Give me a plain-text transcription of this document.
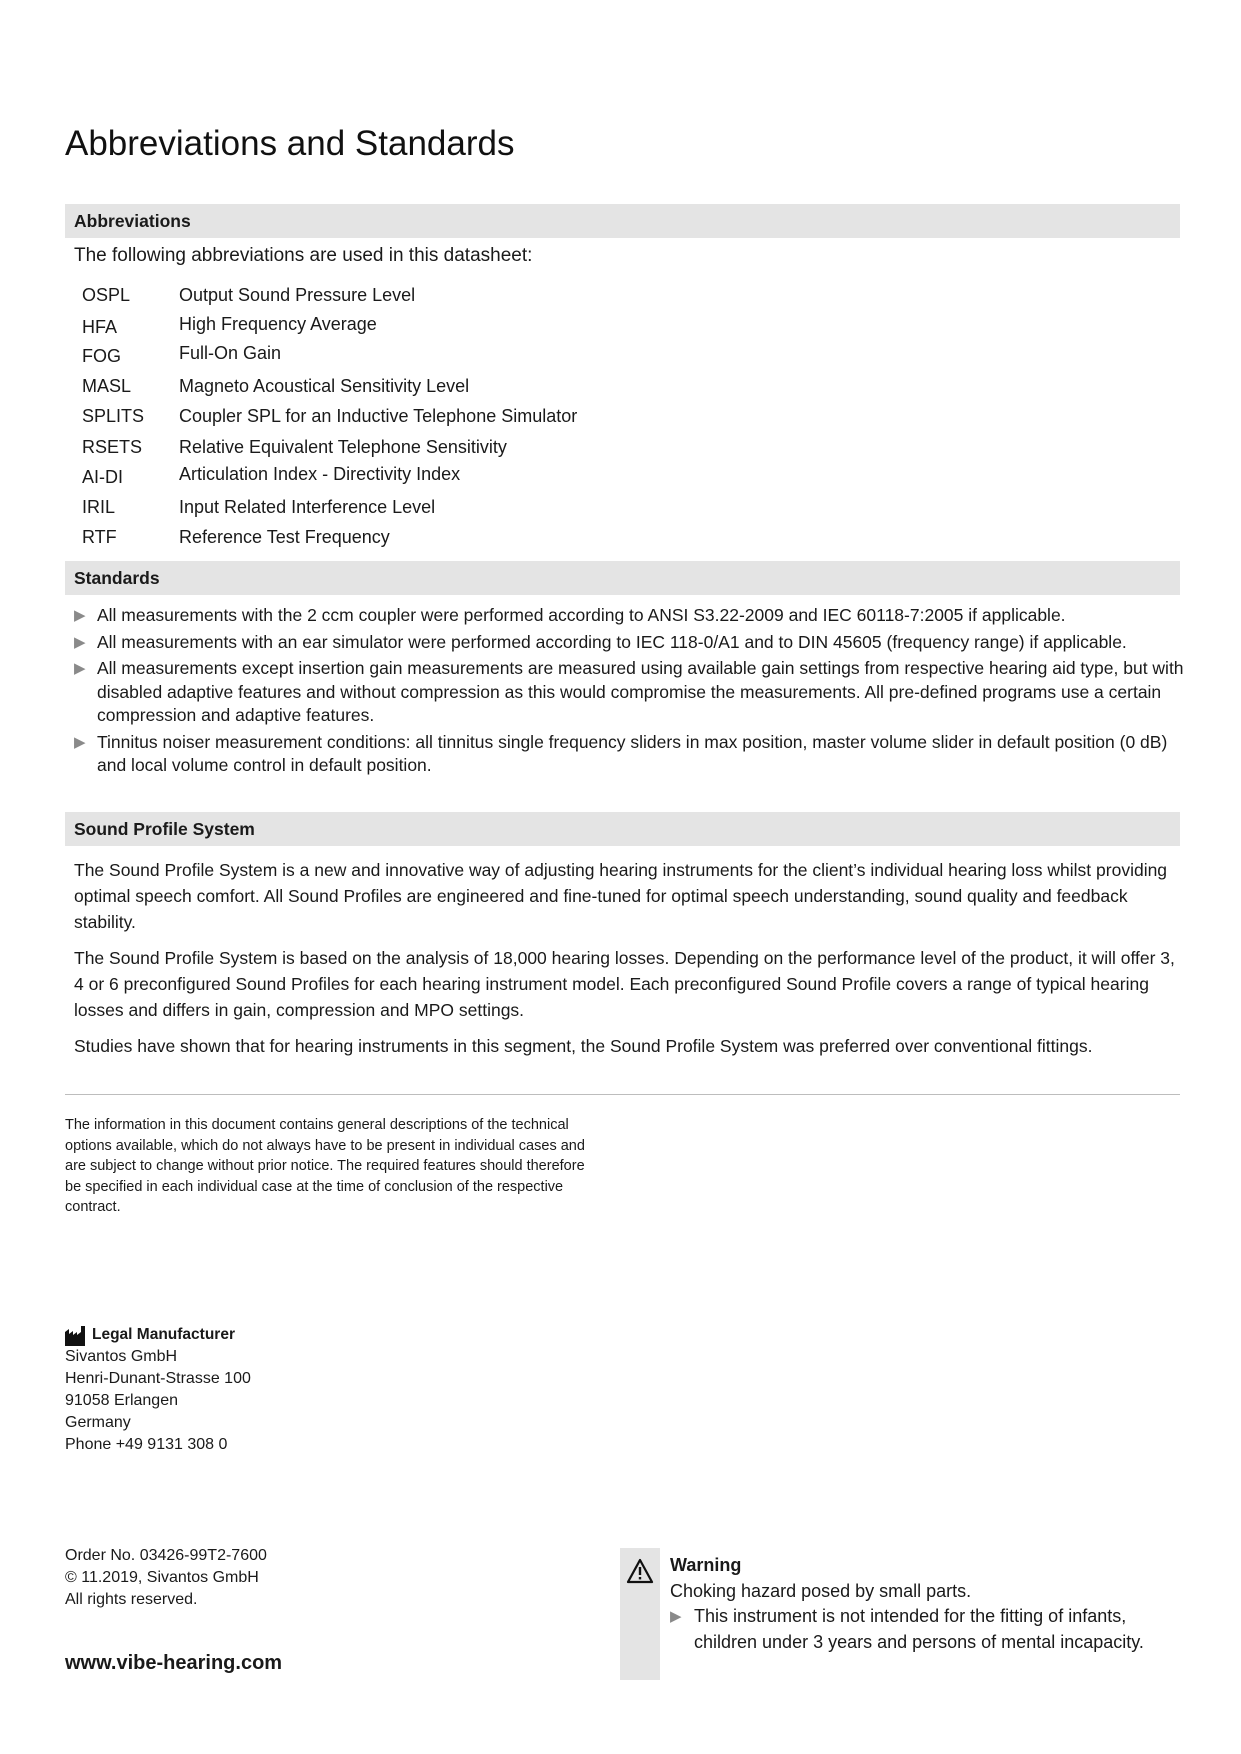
Abbreviations and Standards
Abbreviations
The following abbreviations are used in this datasheet:
OSPL	Output Sound Pressure Level
HFA	High Frequency Average
FOG	Full-On Gain
MASL	Magneto Acoustical Sensitivity Level
SPLITS Coupler SPL for an Inductive Telephone Simulator
RSETS Relative Equivalent Telephone Sensitivity
AI-DI	Articulation Index - Directivity Index
IRIL	Input Related Interference Level
RTF	Reference Test Frequency
Standards
▶ All measurements with the 2 ccm coupler were performed according to ANSI S3.22-2009 and IEC 60118-7:2005 if applicable.
▶ All measurements with an ear simulator were performed according to IEC 118-0/A1 and to DIN 45605 (frequency range) if applicable.
▶ All measurements except insertion gain measurements are measured using available gain settings from respective hearing aid type, but with disabled adaptive features and without compression as this would compromise the measurements. All pre-defined programs use a certain compression and adaptive features.
▶ Tinnitus noiser measurement conditions: all tinnitus single frequency sliders in max position, master volume slider in default position (0 dB) and local volume control in default position.
Sound Profile System

The Sound Profile System is a new and innovative way of adjusting hearing instruments for the client’s individual hearing loss whilst providing optimal speech comfort. All Sound Profiles are engineered and fine-tuned for optimal speech understanding, sound quality and feedback stability.

The Sound Profile System is based on the analysis of 18,000 hearing losses. Depending on the performance level of the product, it will offer 3, 4 or 6 preconfigured Sound Profiles for each hearing instrument model. Each preconfigured Sound Profile covers a range of typical hearing losses and differs in gain, compression and MPO settings.

Studies have shown that for hearing instruments in this segment, the Sound Profile System was preferred over conventional fittings.

The information in this document contains general descriptions of the technical options available, which do not always have to be present in individual cases and are subject to change without prior notice. The required features should therefore be specified in each individual case at the time of conclusion of the respective contract.
Legal Manufacturer
Sivantos GmbH
Henri-Dunant-Strasse 100
91058 Erlangen
Germany
Phone +49 9131 308 0
Order No. 03426-99T2-7600
© 11.2019, Sivantos GmbH
All rights reserved.
www.vibe-hearing.com
Warning
Choking hazard posed by small parts.
▶ This instrument is not intended for the fitting of infants, children under 3 years and persons of mental incapacity.
